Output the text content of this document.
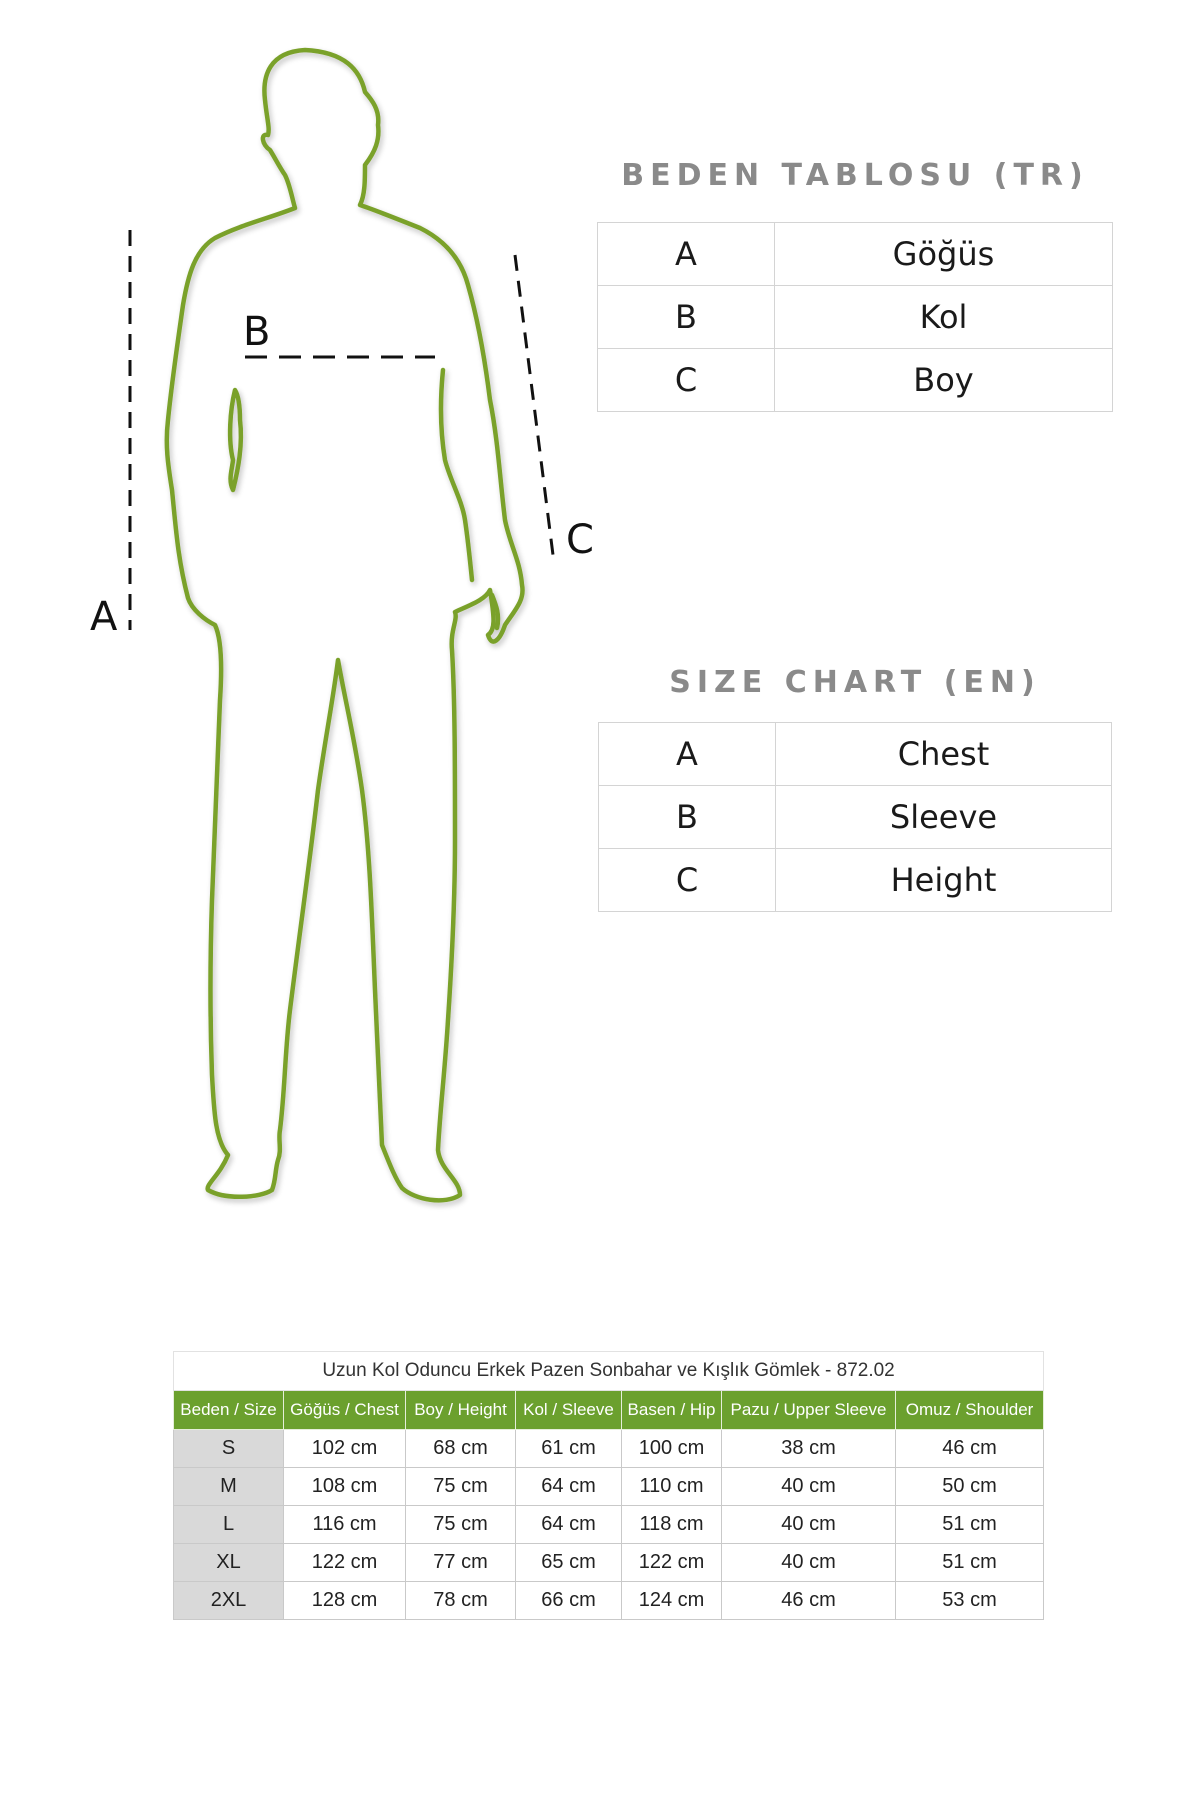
A
B
C
BEDEN TABLOSU (TR)
A	Göğüs
B	Kol
C	Boy
SIZE CHART (EN)
A	Chest
B	Sleeve
C	Height
Uzun Kol Oduncu Erkek Pazen Sonbahar ve Kışlık Gömlek - 872.02						
Beden / Size	Göğüs / Chest	Boy / Height	Kol / Sleeve	Basen / Hip	Pazu / Upper Sleeve	Omuz / Shoulder
S	102 cm	68 cm	61 cm	100 cm	38 cm	46 cm
M	108 cm	75 cm	64 cm	110 cm	40 cm	50 cm
L	116 cm	75 cm	64 cm	118 cm	40 cm	51 cm
XL	122 cm	77 cm	65 cm	122 cm	40 cm	51 cm
2XL	128 cm	78 cm	66 cm	124 cm	46 cm	53 cm
